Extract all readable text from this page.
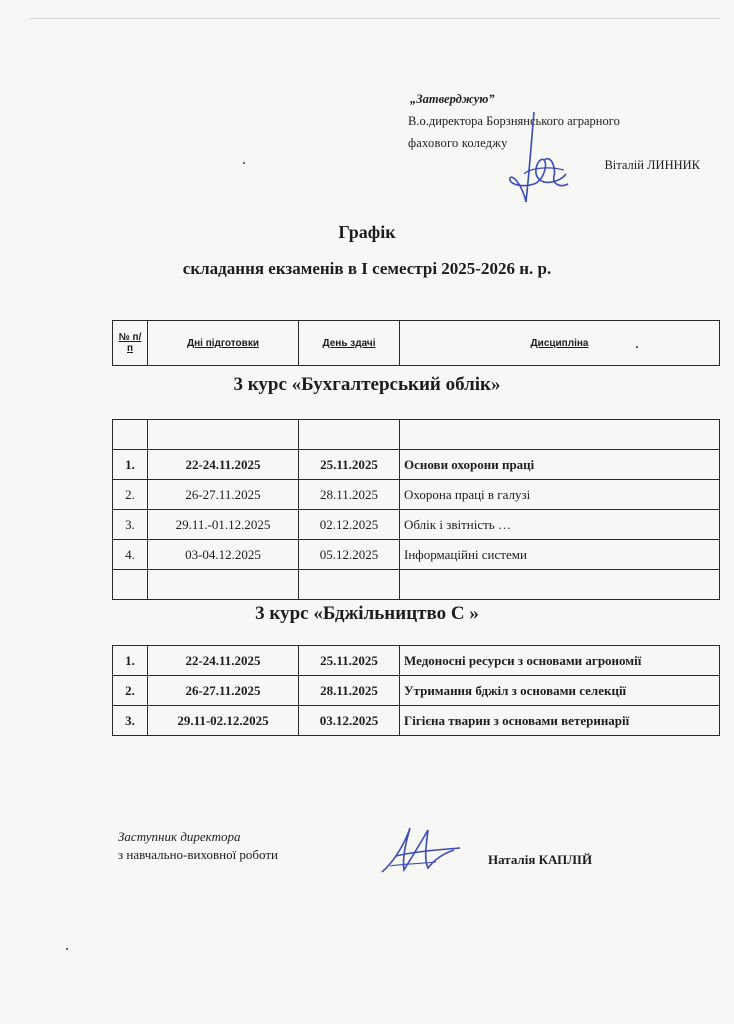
„Затверджую”
В.о.директора Борзнянського аграрного
фахового коледжу
Віталій ЛИННИК
Графік
складання екзаменів в І семестрі 2025-2026 н. р.
№ п/п	Дні підготовки	День здачі	Дисципліна
3 курс «Бухгалтерський облік»

1.	22-24.11.2025	25.11.2025	Основи охорони праці
2.	26-27.11.2025	28.11.2025	Охорона праці в галузі
3.	29.11.-01.12.2025	02.12.2025	Облік і звітність …
4.	03-04.12.2025	05.12.2025	Інформаційні системи

3 курс «Бджільництво С »
1.	22-24.11.2025	25.11.2025	Медоносні ресурси з основами агрономії
2.	26-27.11.2025	28.11.2025	Утримання бджіл з основами селекції
3.	29.11-02.12.2025	03.12.2025	Гігієна тварин з основами ветеринарії
Заступник директора
з навчально-виховної роботи	Наталія КАПЛІЙ
